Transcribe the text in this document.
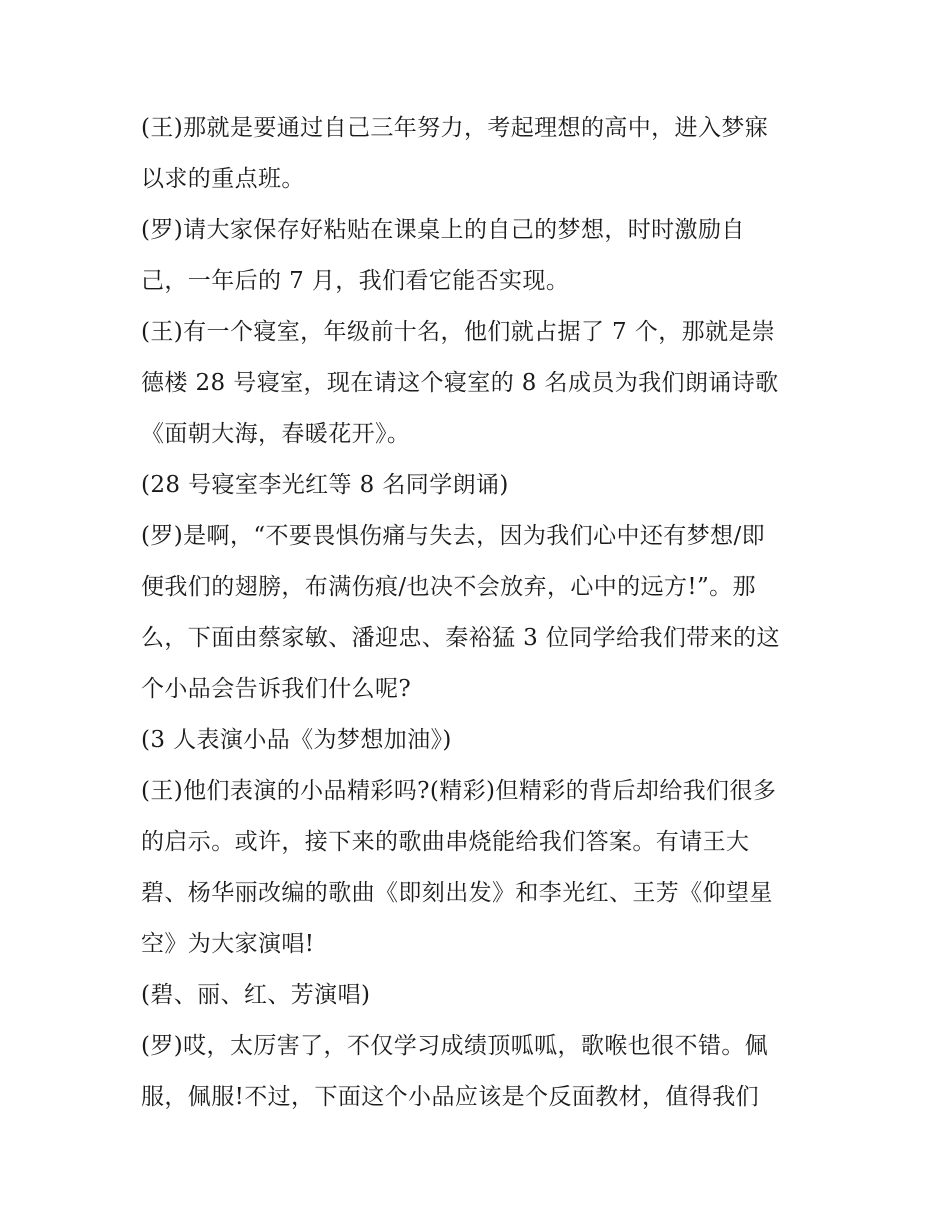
(王)那就是要通过自己三年努力，考起理想的高中，进入梦寐
以求的重点班。
(罗)请大家保存好粘贴在课桌上的自己的梦想，时时激励自
己，一年后的 7 月，我们看它能否实现。
(王)有一个寝室，年级前十名，他们就占据了 7 个，那就是崇
德楼 28 号寝室，现在请这个寝室的 8 名成员为我们朗诵诗歌
《面朝大海，春暖花开》。
(28 号寝室李光红等 8 名同学朗诵)
(罗)是啊，“不要畏惧伤痛与失去，因为我们心中还有梦想/即
便我们的翅膀，布满伤痕/也决不会放弃，心中的远方!”。那
么，下面由蔡家敏、潘迎忠、秦裕猛 3 位同学给我们带来的这
个小品会告诉我们什么呢?
(3 人表演小品《为梦想加油》)
(王)他们表演的小品精彩吗?(精彩)但精彩的背后却给我们很多
的启示。或许，接下来的歌曲串烧能给我们答案。有请王大
碧、杨华丽改编的歌曲《即刻出发》和李光红、王芳《仰望星
空》为大家演唱!
(碧、丽、红、芳演唱)
(罗)哎，太厉害了，不仅学习成绩顶呱呱，歌喉也很不错。佩
服，佩服!不过，下面这个小品应该是个反面教材，值得我们
